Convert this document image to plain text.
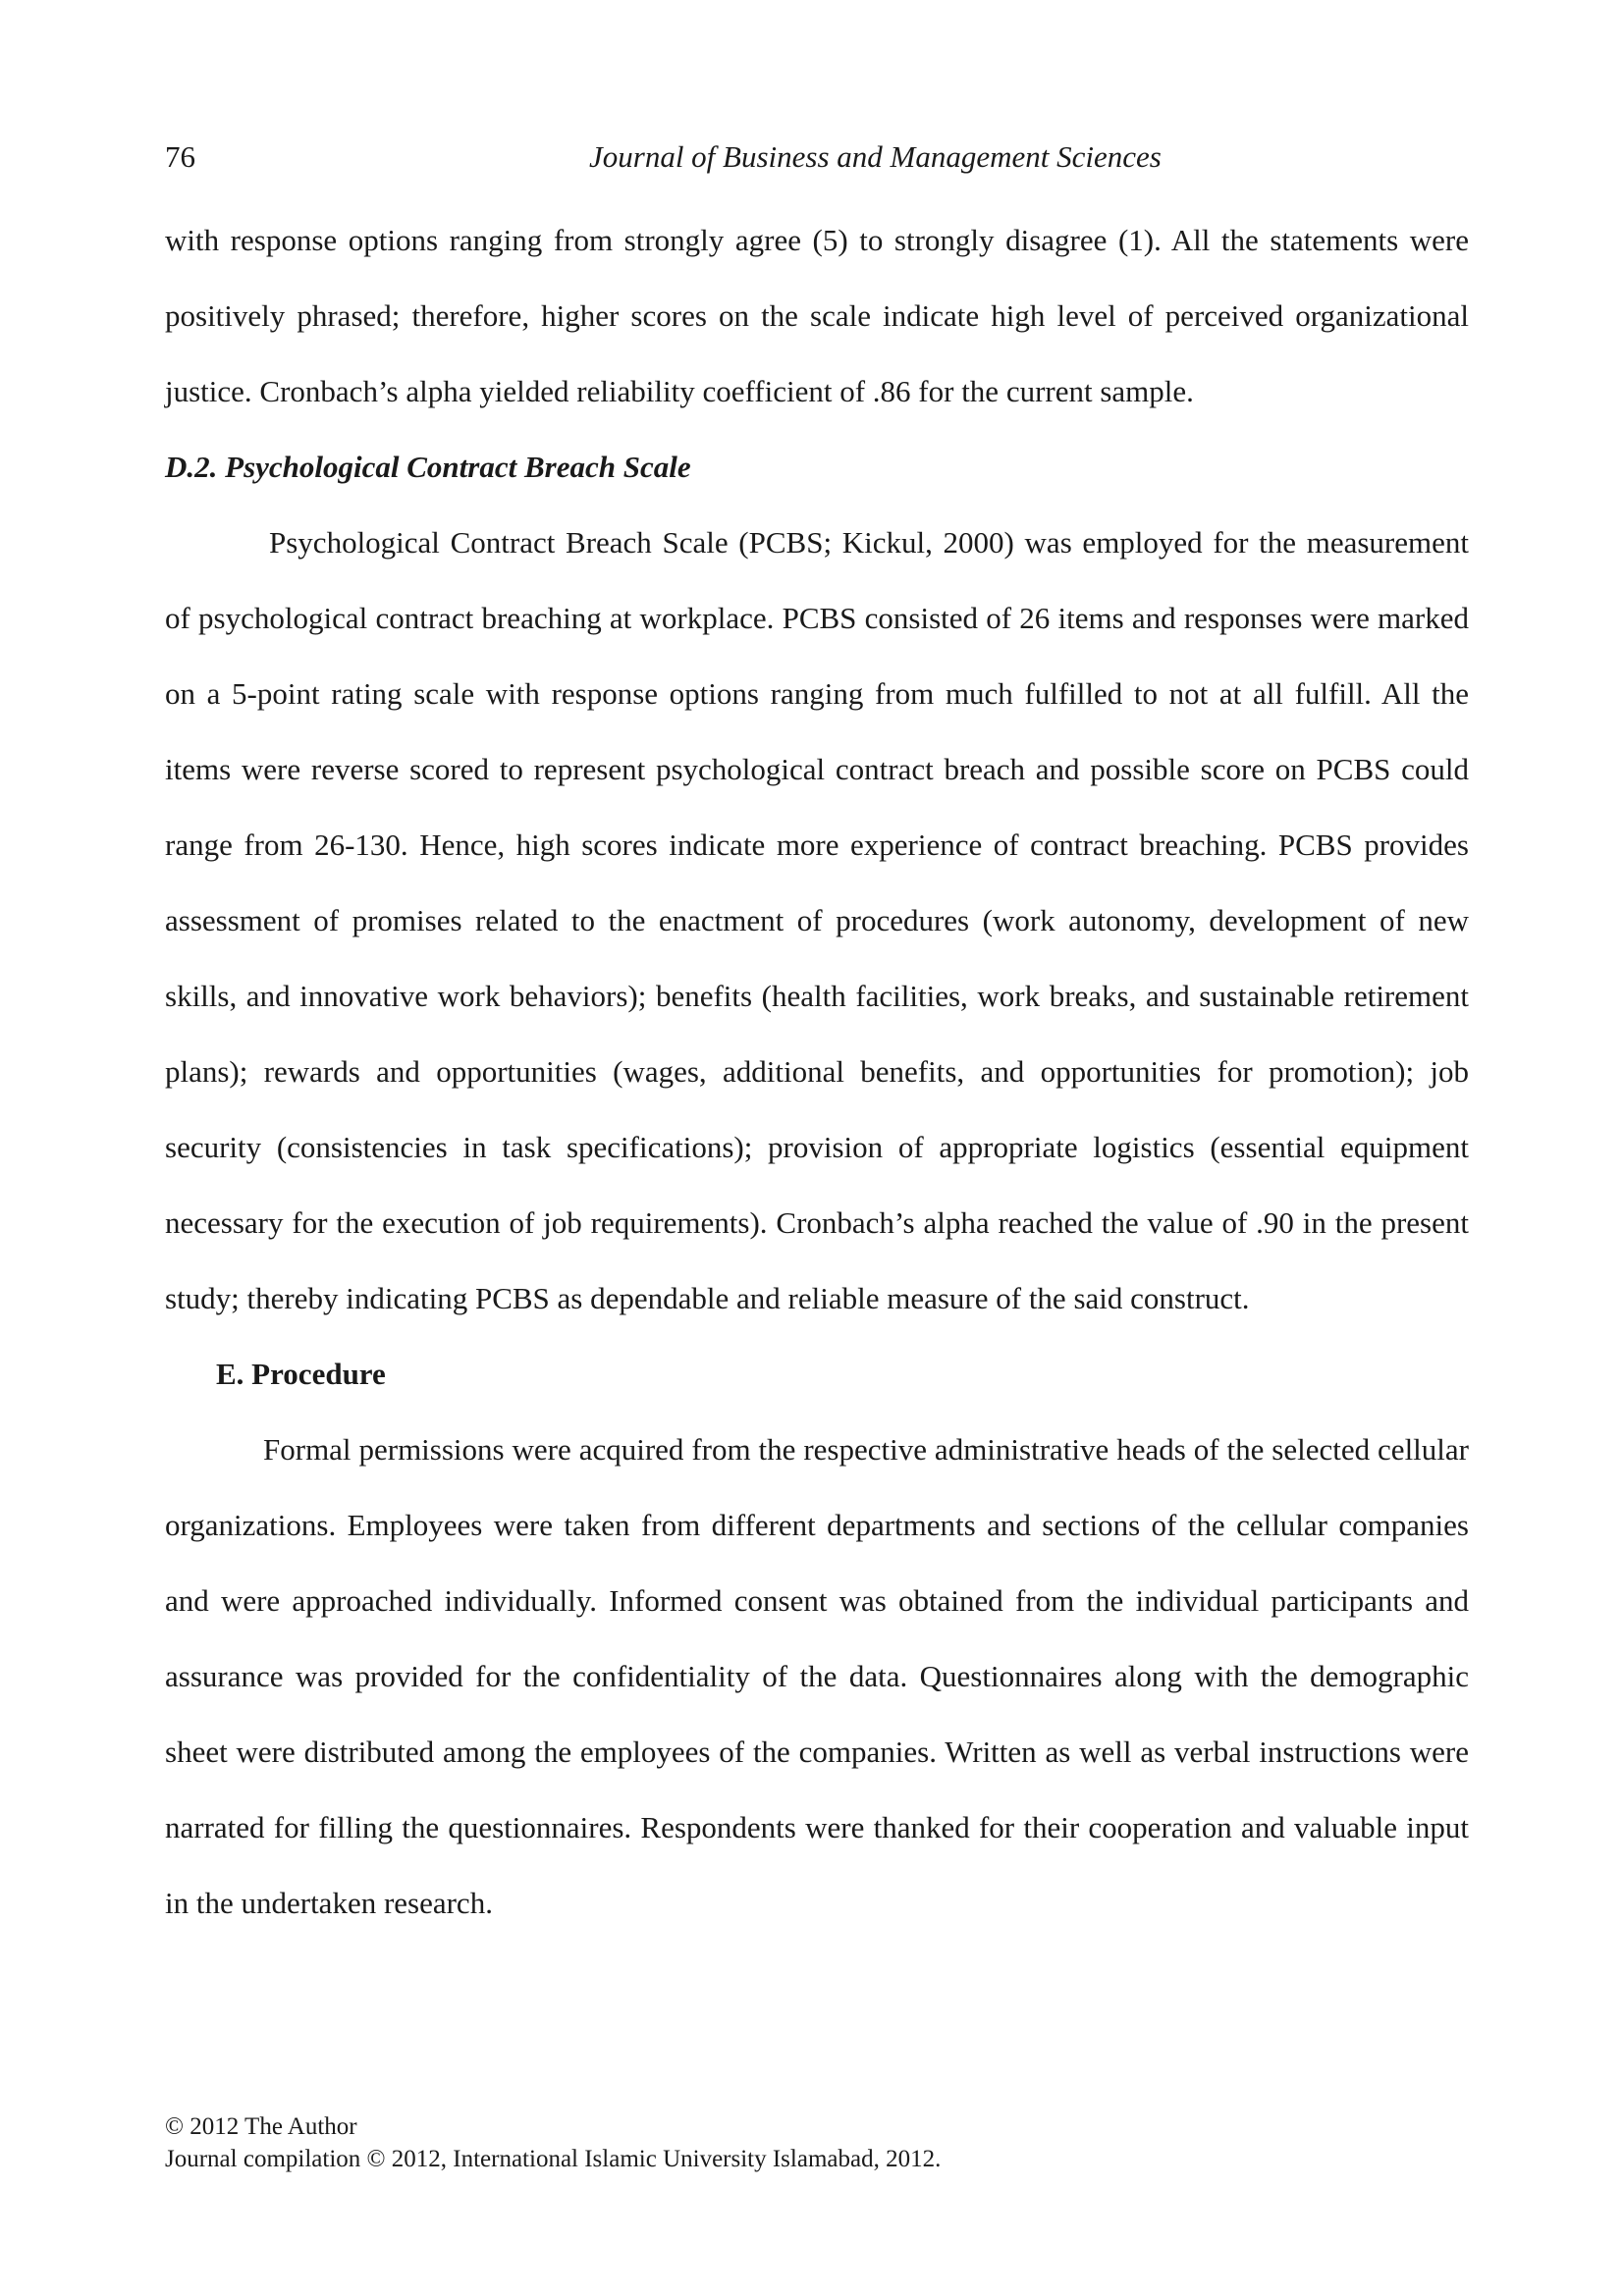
76	Journal of Business and Management Sciences

with response options ranging from strongly agree (5) to strongly disagree (1). All the statements were positively phrased; therefore, higher scores on the scale indicate high level of perceived organizational justice. Cronbach’s alpha yielded reliability coefficient of .86 for the current sample.

D.2. Psychological Contract Breach Scale

Psychological Contract Breach Scale (PCBS; Kickul, 2000) was employed for the measurement of psychological contract breaching at workplace. PCBS consisted of 26 items and responses were marked on a 5-point rating scale with response options ranging from much fulfilled to not at all fulfill. All the items were reverse scored to represent psychological contract breach and possible score on PCBS could range from 26-130. Hence, high scores indicate more experience of contract breaching. PCBS provides assessment of promises related to the enactment of procedures (work autonomy, development of new skills, and innovative work behaviors); benefits (health facilities, work breaks, and sustainable retirement plans); rewards and opportunities (wages, additional benefits, and opportunities for promotion); job security (consistencies in task specifications); provision of appropriate logistics (essential equipment necessary for the execution of job requirements). Cronbach’s alpha reached the value of .90 in the present study; thereby indicating PCBS as dependable and reliable measure of the said construct.

E. Procedure

Formal permissions were acquired from the respective administrative heads of the selected cellular organizations. Employees were taken from different departments and sections of the cellular companies and were approached individually. Informed consent was obtained from the individual participants and assurance was provided for the confidentiality of the data. Questionnaires along with the demographic sheet were distributed among the employees of the companies. Written as well as verbal instructions were narrated for filling the questionnaires. Respondents were thanked for their cooperation and valuable input in the undertaken research.

© 2012 The Author
Journal compilation © 2012, International Islamic University Islamabad, 2012.
